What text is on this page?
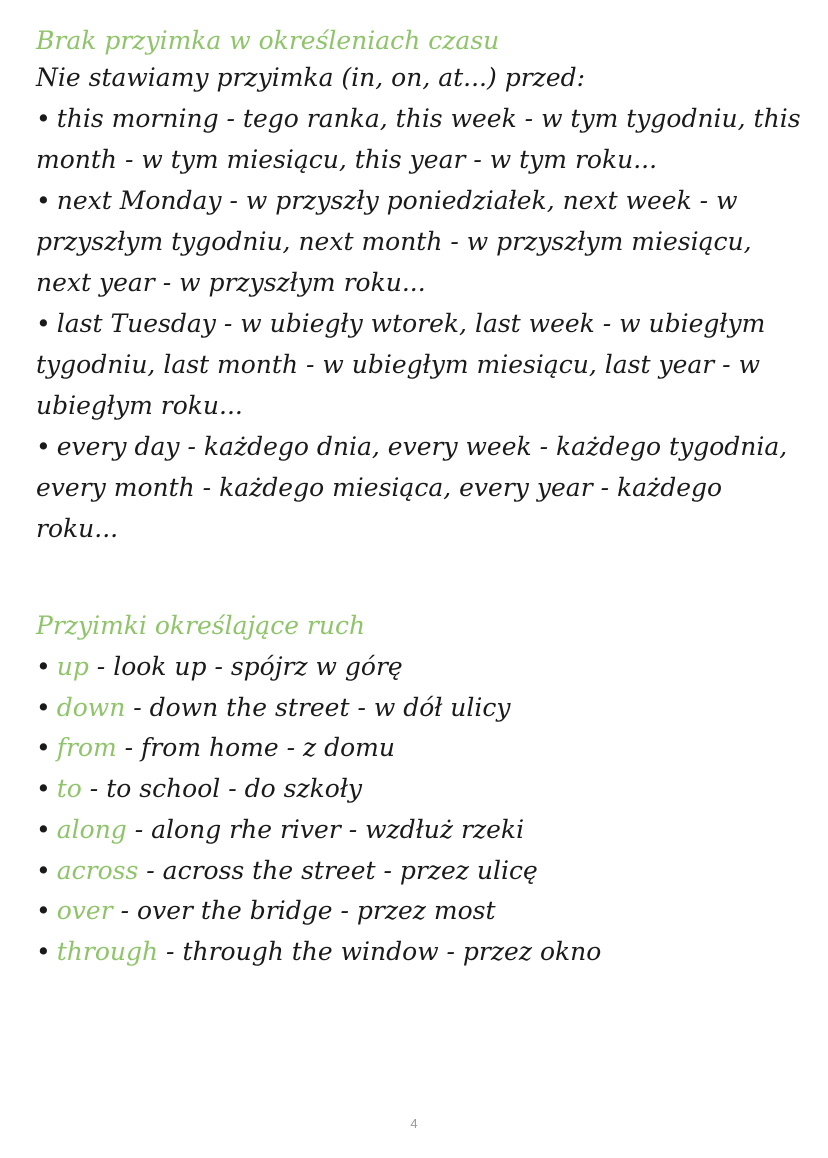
Brak przyimka w określeniach czasu

Nie stawiamy przyimka (in, on, at...) przed:

• this morning - tego ranka, this week - w tym tygodniu, this month - w tym miesiącu, this year - w tym roku...

• next Monday - w przyszły poniedziałek, next week - w przyszłym tygodniu, next month - w przyszłym miesiącu, next year - w przyszłym roku...

• last Tuesday - w ubiegły wtorek, last week - w ubiegłym tygodniu, last month - w ubiegłym miesiącu, last year - w ubiegłym roku...

• every day - każdego dnia, every week - każdego tygodnia, every month - każdego miesiąca, every year - każdego roku...

Przyimki określające ruch
• up - look up - spójrz w górę
• down - down the street - w dół ulicy
• from - from home - z domu
• to - to school - do szkoły
• along - along rhe river - wzdłuż rzeki
• across - across the street - przez ulicę
• over - over the bridge - przez most
• through - through the window - przez okno
4
